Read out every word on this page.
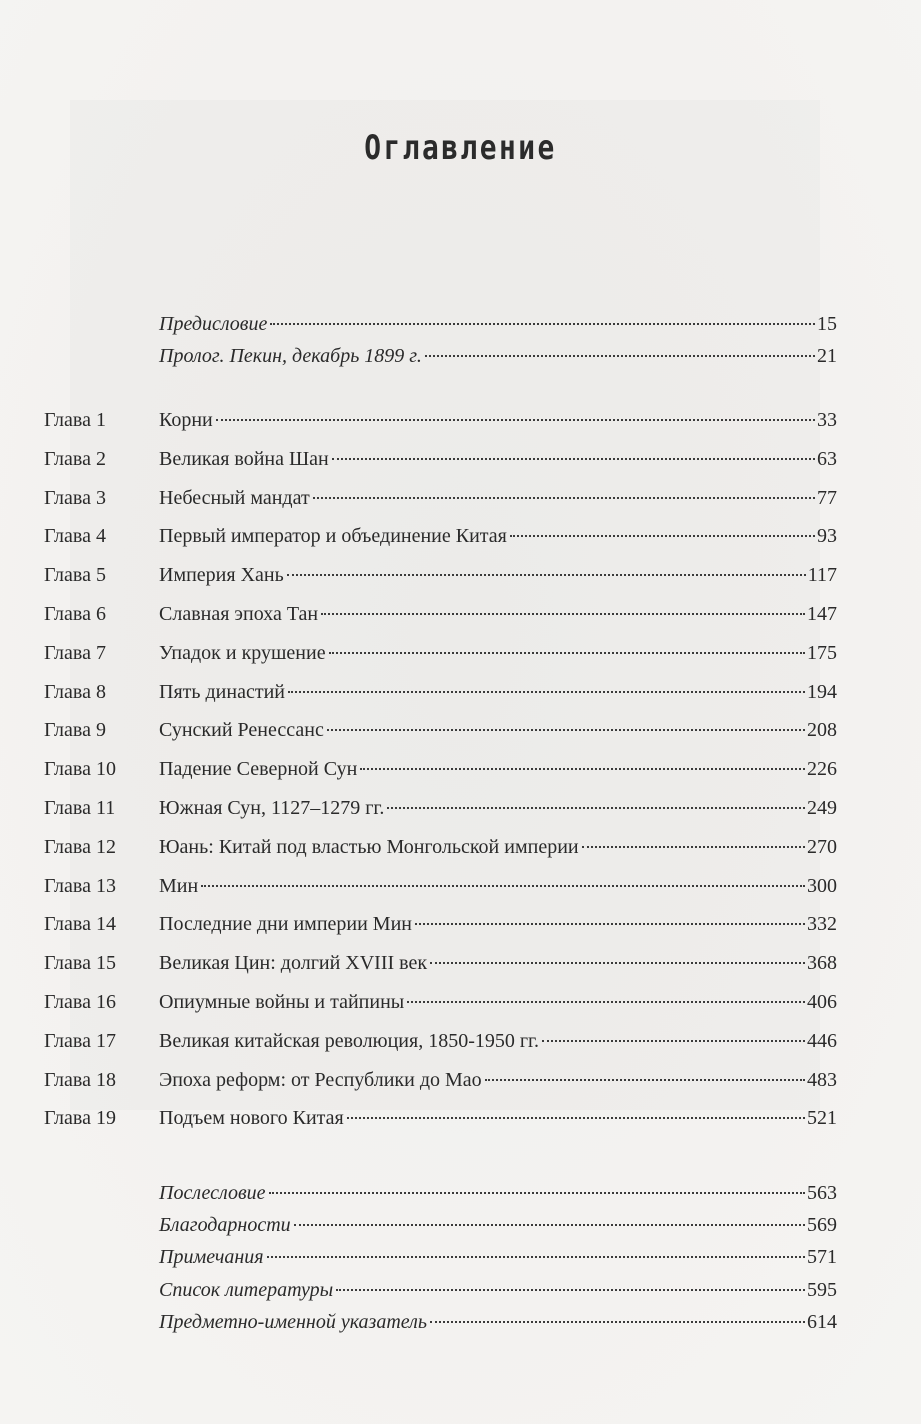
Оглавление
Предисловие	15
Пролог. Пекин, декабрь 1899 г.	21
Глава 1	Корни	33
Глава 2	Великая война Шан	63
Глава 3	Небесный мандат	77
Глава 4	Первый император и объединение Китая	93
Глава 5	Империя Хань	117
Глава 6	Славная эпоха Тан	147
Глава 7	Упадок и крушение	175
Глава 8	Пять династий	194
Глава 9	Сунский Ренессанс	208
Глава 10 Падение Северной Сун	226
Глава 11 Южная Сун, 1127–1279 гг.	249
Глава 12 Юань: Китай под властью Монгольской империи	270
Глава 13 Мин	300
Глава 14 Последние дни империи Мин	332
Глава 15 Великая Цин: долгий XVIII век	368
Глава 16 Опиумные войны и тайпины	406
Глава 17 Великая китайская революция, 1850-1950 гг.	446
Глава 18 Эпоха реформ: от Республики до Мао	483
Глава 19 Подъем нового Китая	521
Послесловие	563
Благодарности	569
Примечания	571
Список литературы	595
Предметно-именной указатель	614
